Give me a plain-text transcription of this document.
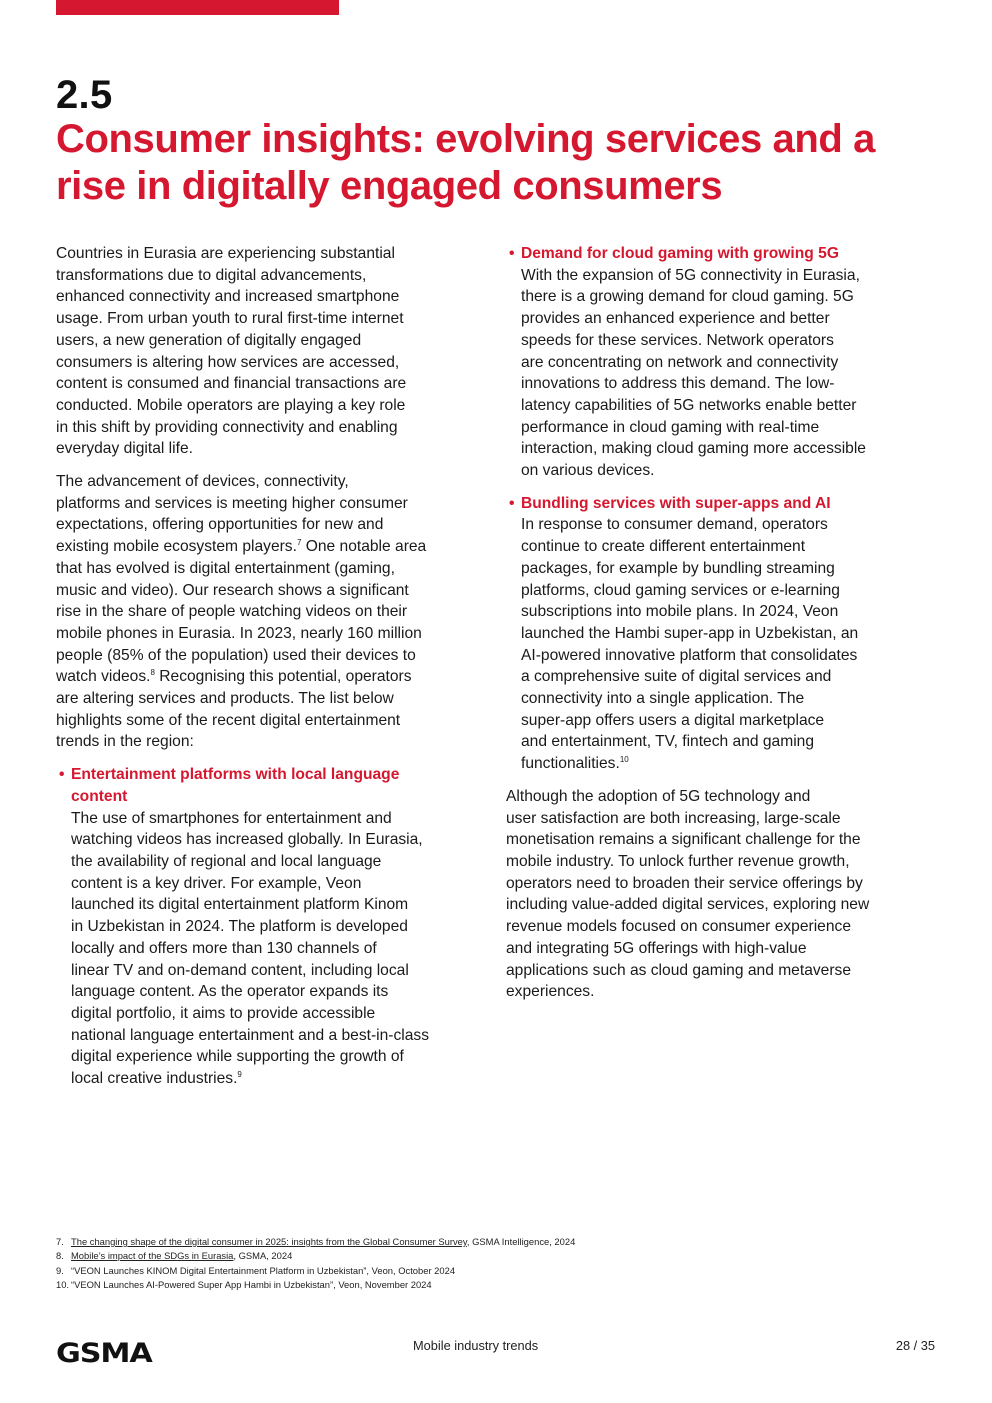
2.5
Consumer insights: evolving services and a
rise in digitally engaged consumers

Countries in Eurasia are experiencing substantial
transformations due to digital advancements,
enhanced connectivity and increased smartphone
usage. From urban youth to rural first-time internet
users, a new generation of digitally engaged
consumers is altering how services are accessed,
content is consumed and financial transactions are
conducted. Mobile operators are playing a key role
in this shift by providing connectivity and enabling
everyday digital life.

The advancement of devices, connectivity,
platforms and services is meeting higher consumer
expectations, offering opportunities for new and
existing mobile ecosystem players.$^7$ One notable area
that has evolved is digital entertainment (gaming,
music and video). Our research shows a significant
rise in the share of people watching videos on their
mobile phones in Eurasia. In 2023, nearly 160 million
people (85% of the population) used their devices to
watch videos.$^8$ Recognising this potential, operators
are altering services and products. The list below
highlights some of the recent digital entertainment
trends in the region:

• Entertainment platforms with local language
content
The use of smartphones for entertainment and
watching videos has increased globally. In Eurasia,
the availability of regional and local language
content is a key driver. For example, Veon
launched its digital entertainment platform Kinom
in Uzbekistan in 2024. The platform is developed
locally and offers more than 130 channels of
linear TV and on-demand content, including local
language content. As the operator expands its
digital portfolio, it aims to provide accessible
national language entertainment and a best-in-class
digital experience while supporting the growth of
local creative industries.$^9$
• Demand for cloud gaming with growing 5G
With the expansion of 5G connectivity in Eurasia,
there is a growing demand for cloud gaming. 5G
provides an enhanced experience and better
speeds for these services. Network operators
are concentrating on network and connectivity
innovations to address this demand. The low-
latency capabilities of 5G networks enable better
performance in cloud gaming with real-time
interaction, making cloud gaming more accessible
on various devices.
• Bundling services with super-apps and AI
In response to consumer demand, operators
continue to create different entertainment
packages, for example by bundling streaming
platforms, cloud gaming services or e-learning
subscriptions into mobile plans. In 2024, Veon
launched the Hambi super-app in Uzbekistan, an
AI-powered innovative platform that consolidates
a comprehensive suite of digital services and
connectivity into a single application. The
super-app offers users a digital marketplace
and entertainment, TV, fintech and gaming
functionalities.$^{10}$

Although the adoption of 5G technology and
user satisfaction are both increasing, large-scale
monetisation remains a significant challenge for the
mobile industry. To unlock further revenue growth,
operators need to broaden their service offerings by
including value-added digital services, exploring new
revenue models focused on consumer experience
and integrating 5G offerings with high-value
applications such as cloud gaming and metaverse
experiences.

7. The changing shape of the digital consumer in 2025: insights from the Global Consumer Survey, GSMA Intelligence, 2024
8. Mobile’s impact of the SDGs in Eurasia, GSMA, 2024
9. “VEON Launches KINOM Digital Entertainment Platform in Uzbekistan”, Veon, October 2024
10. “VEON Launches AI-Powered Super App Hambi in Uzbekistan”, Veon, November 2024
GSMA	Mobile industry trends	28 / 35
